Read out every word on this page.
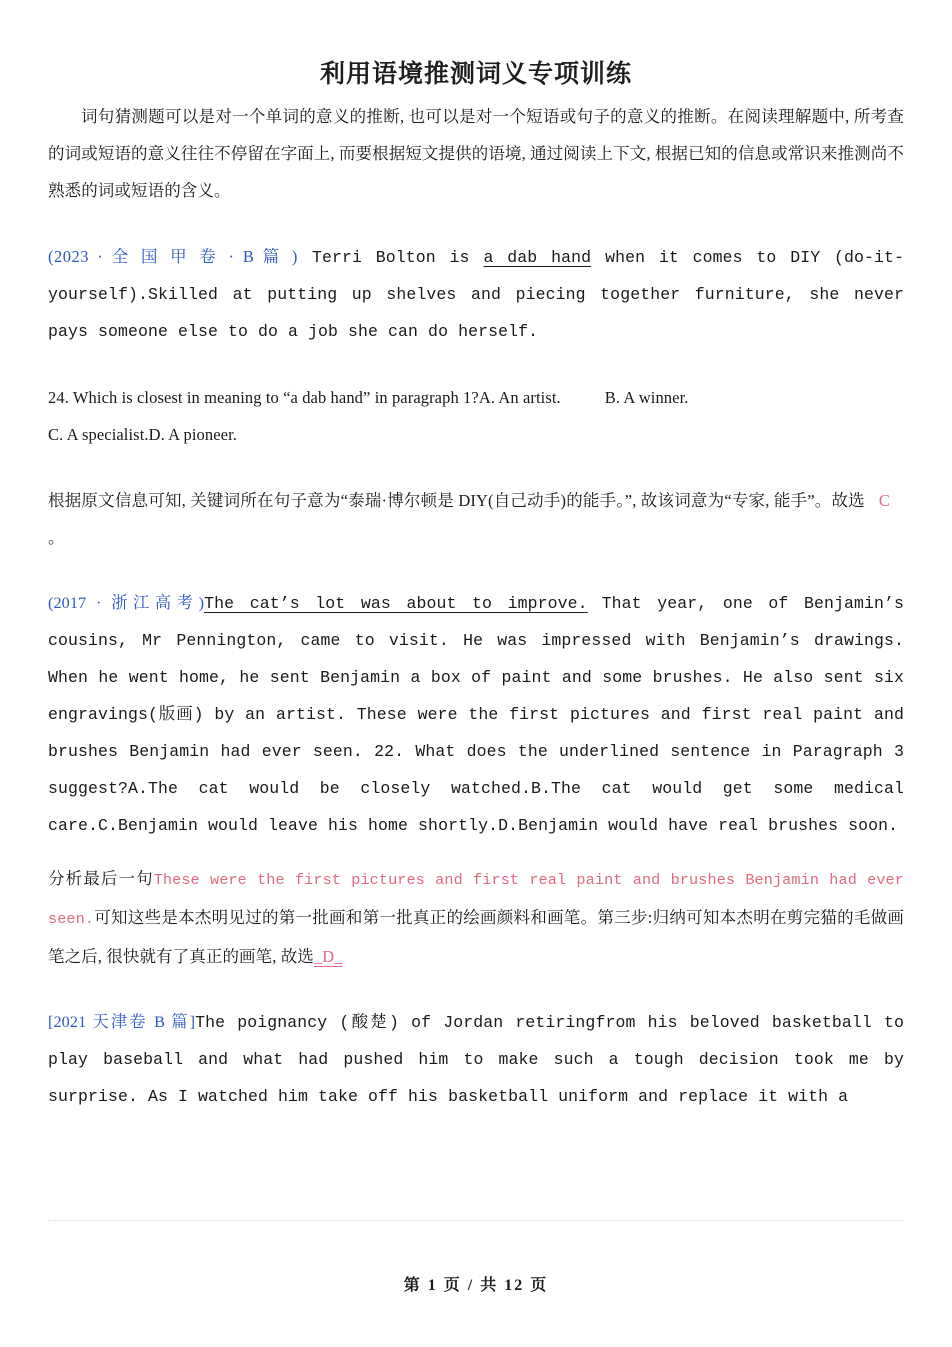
利用语境推测词义专项训练

词句猜测题可以是对一个单词的意义的推断, 也可以是对一个短语或句子的意义的推断。在阅读理解题中, 所考查的词或短语的意义往往不停留在字面上, 而要根据短文提供的语境, 通过阅读上下文, 根据已知的信息或常识来推测尚不熟悉的词或短语的含义。

(2023 · 全 国 甲 卷 · B 篇 ) Terri Bolton is a dab hand when it comes to DIY (do-it-yourself).Skilled at putting up shelves and piecing together furniture, she never pays someone else to do a job she can do herself.

24. Which is closest in meaning to “a dab hand” in paragraph 1?A. An artist.	B. A winner.
C. A specialist.D. A pioneer.

根据原文信息可知, 关键词所在句子意为“泰瑞·博尔顿是 DIY(自己动手)的能手。”, 故该词意为“专家, 能手”。故选 C。

(2017 · 浙江高考)The cat’s lot was about to improve. That year, one of Benjamin’s cousins, Mr Pennington, came to visit. He was impressed with Benjamin’s drawings. When he went home, he sent Benjamin a box of paint and some brushes. He also sent six engravings(版画) by an artist. These were the first pictures and first real paint and brushes Benjamin had ever seen. 22. What does the underlined sentence in Paragraph 3 suggest?A.The cat would be closely watched.B.The cat would get some medical care.C.Benjamin would leave his home shortly.D.Benjamin would have real brushes soon.

分析最后一句These were the first pictures and first real paint and brushes Benjamin had ever seen.可知这些是本杰明见过的第一批画和第一批真正的绘画颜料和画笔。第三步:归纳可知本杰明在剪完猫的毛做画笔之后, 很快就有了真正的画笔, 故选_D_

[2021 天津卷 B 篇]The poignancy (酸楚) of Jordan retiringfrom his beloved basketball to play baseball and what had pushed him to make such a tough decision took me by surprise. As I watched him take off his basketball uniform and replace it with a

第 1 页 / 共 12 页
